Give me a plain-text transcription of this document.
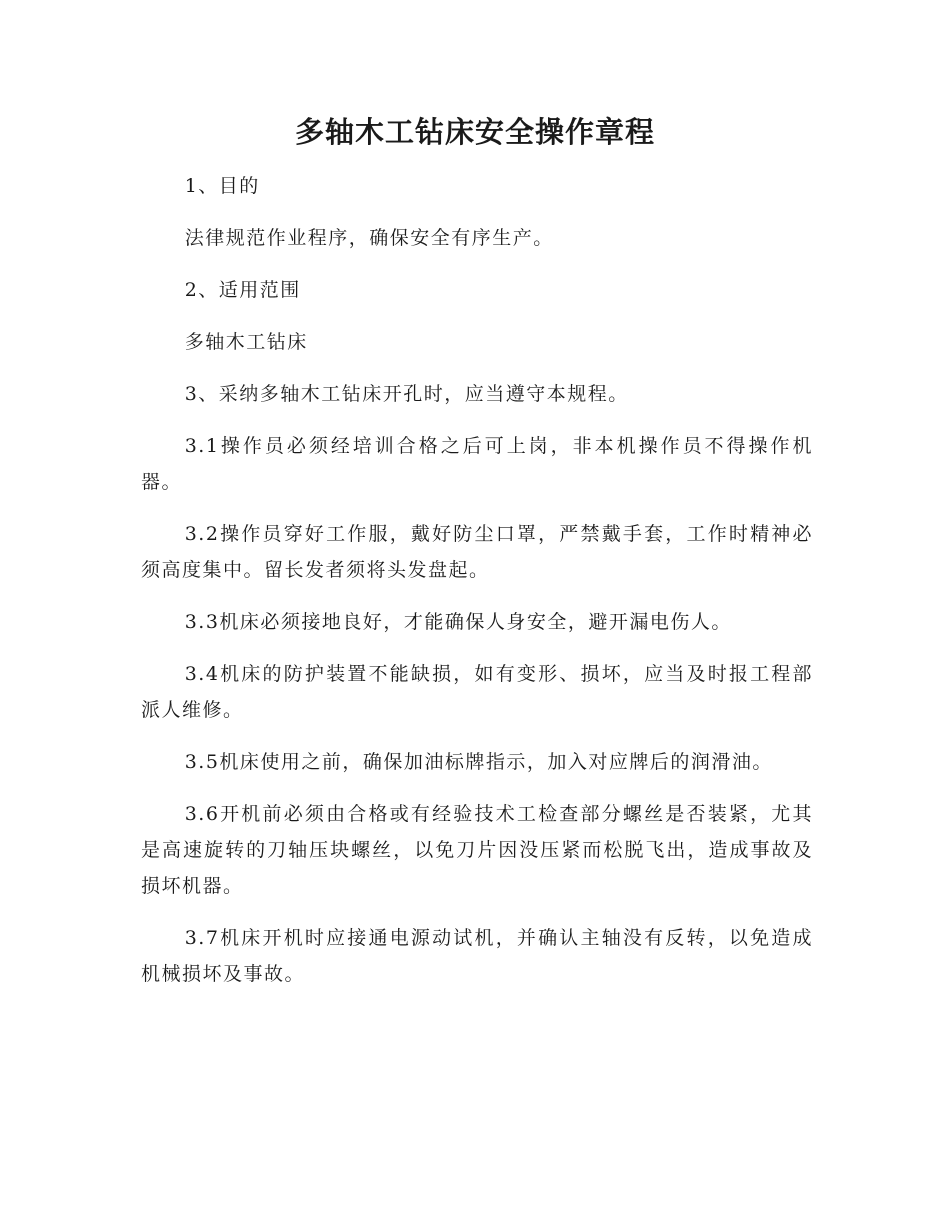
多轴木工钻床安全操作章程

1、目的

法律规范作业程序，确保安全有序生产。

2、适用范围

多轴木工钻床

3、采纳多轴木工钻床开孔时，应当遵守本规程。

3.1操作员必须经培训合格之后可上岗，非本机操作员不得操作机器。

3.2操作员穿好工作服，戴好防尘口罩，严禁戴手套，工作时精神必须高度集中。留长发者须将头发盘起。

3.3机床必须接地良好，才能确保人身安全，避开漏电伤人。

3.4机床的防护装置不能缺损，如有变形、损坏，应当及时报工程部派人维修。

3.5机床使用之前，确保加油标牌指示，加入对应牌后的润滑油。

3.6开机前必须由合格或有经验技术工检查部分螺丝是否装紧，尤其是高速旋转的刀轴压块螺丝，以免刀片因没压紧而松脱飞出，造成事故及损坏机器。

3.7机床开机时应接通电源动试机，并确认主轴没有反转，以免造成机械损坏及事故。
